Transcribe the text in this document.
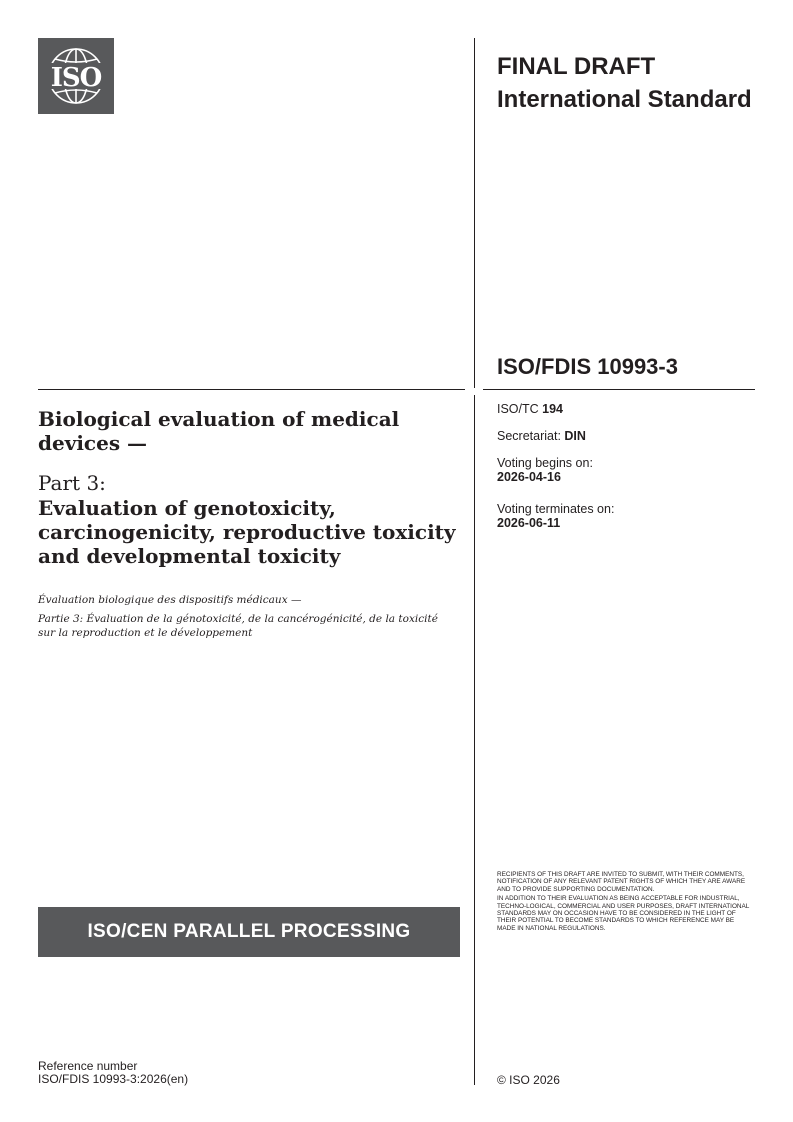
ISO	FINAL DRAFT International Standard
ISO/FDIS 10993-3
Biological evaluation of medical devices —
Part 3:
Evaluation of genotoxicity, carcinogenicity, reproductive toxicity and developmental toxicity
Évaluation biologique des dispositifs médicaux —
Partie 3: Évaluation de la génotoxicité, de la cancérogénicité, de la toxicité sur la reproduction et le développement
ISO/TC 194
Secretariat: DIN
Voting begins on:
2026-04-16
Voting terminates on:
2026-06-11

RECIPIENTS OF THIS DRAFT ARE INVITED TO SUBMIT, WITH THEIR COMMENTS, NOTIFICATION OF ANY RELEVANT PATENT RIGHTS OF WHICH THEY ARE AWARE AND TO PROVIDE SUPPORTING DOCUMENTATION.

IN ADDITION TO THEIR EVALUATION AS BEING ACCEPTABLE FOR INDUSTRIAL, TECHNO-LOGICAL, COMMERCIAL AND USER PURPOSES, DRAFT INTERNATIONAL STANDARDS MAY ON OCCASION HAVE TO BE CONSIDERED IN THE LIGHT OF THEIR POTENTIAL TO BECOME STANDARDS TO WHICH REFERENCE MAY BE MADE IN NATIONAL REGULATIONS.

ISO/CEN PARALLEL PROCESSING
Reference number
ISO/FDIS 10993-3:2026(en)	© ISO 2026
